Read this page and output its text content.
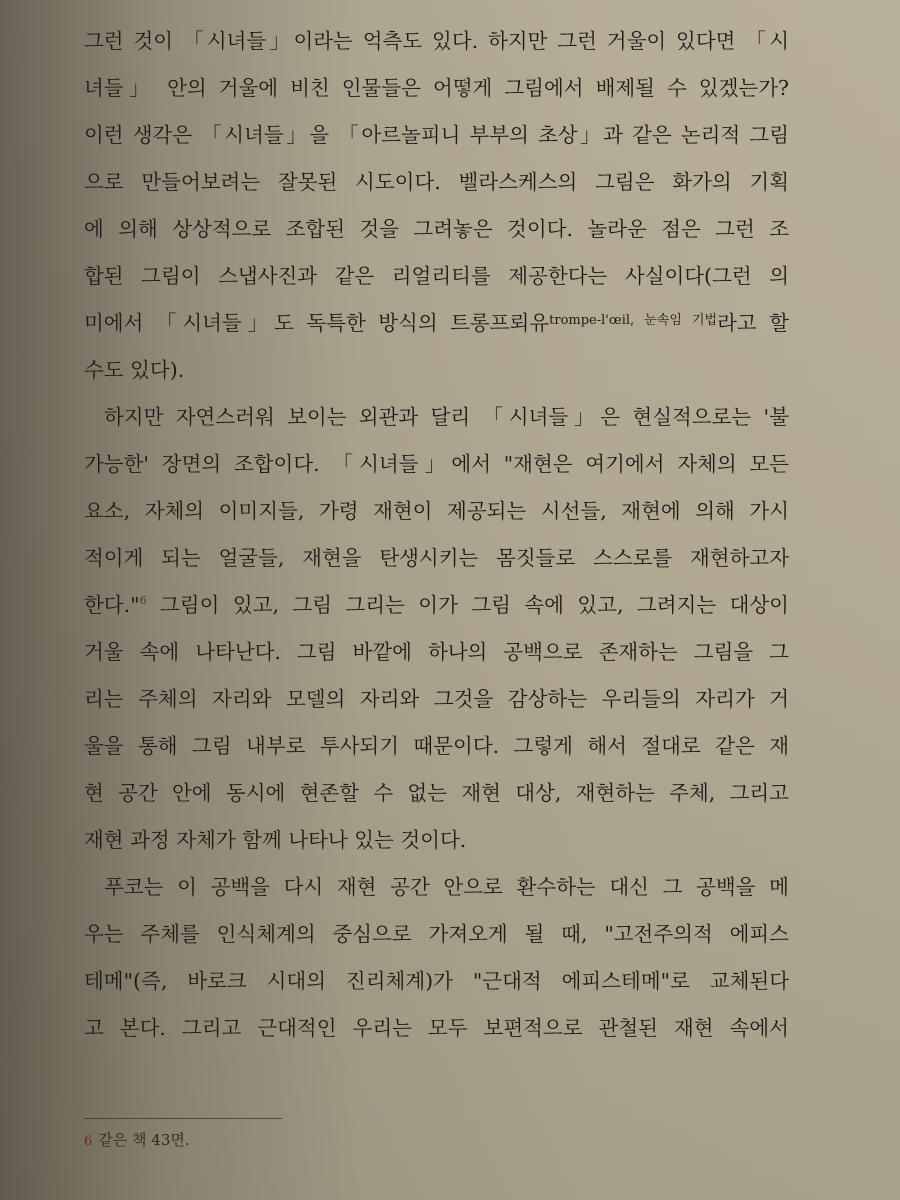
그런 것이 「시녀들」이라는 억측도 있다. 하지만 그런 거울이 있다면 「시
녀들」 안의 거울에 비친 인물들은 어떻게 그림에서 배제될 수 있겠는가?
이런 생각은 「시녀들」을 「아르놀피니 부부의 초상」과 같은 논리적 그림
으로 만들어보려는 잘못된 시도이다. 벨라스케스의 그림은 화가의 기획
에 의해 상상적으로 조합된 것을 그려놓은 것이다. 놀라운 점은 그런 조
합된 그림이 스냅사진과 같은 리얼리티를 제공한다는 사실이다(그런 의
미에서 「시녀들」도 독특한 방식의 트롱프뢰유$^{trompe-l'œil, 눈속임 기법}$라고 할
수도 있다).
하지만 자연스러워 보이는 외관과 달리 「시녀들」은 현실적으로는 '불
가능한' 장면의 조합이다. 「시녀들」에서 "재현은 여기에서 자체의 모든
요소, 자체의 이미지들, 가령 재현이 제공되는 시선들, 재현에 의해 가시
적이게 되는 얼굴들, 재현을 탄생시키는 몸짓들로 스스로를 재현하고자
한다."$^6$ 그림이 있고, 그림 그리는 이가 그림 속에 있고, 그려지는 대상이
거울 속에 나타난다. 그림 바깥에 하나의 공백으로 존재하는 그림을 그
리는 주체의 자리와 모델의 자리와 그것을 감상하는 우리들의 자리가 거
울을 통해 그림 내부로 투사되기 때문이다. 그렇게 해서 절대로 같은 재
현 공간 안에 동시에 현존할 수 없는 재현 대상, 재현하는 주체, 그리고
재현 과정 자체가 함께 나타나 있는 것이다.
푸코는 이 공백을 다시 재현 공간 안으로 환수하는 대신 그 공백을 메
우는 주체를 인식체계의 중심으로 가져오게 될 때, "고전주의적 에피스
테메"(즉, 바로크 시대의 진리체계)가 "근대적 에피스테메"로 교체된다
고 본다. 그리고 근대적인 우리는 모두 보편적으로 관철된 재현 속에서
6 같은 책 43면.
